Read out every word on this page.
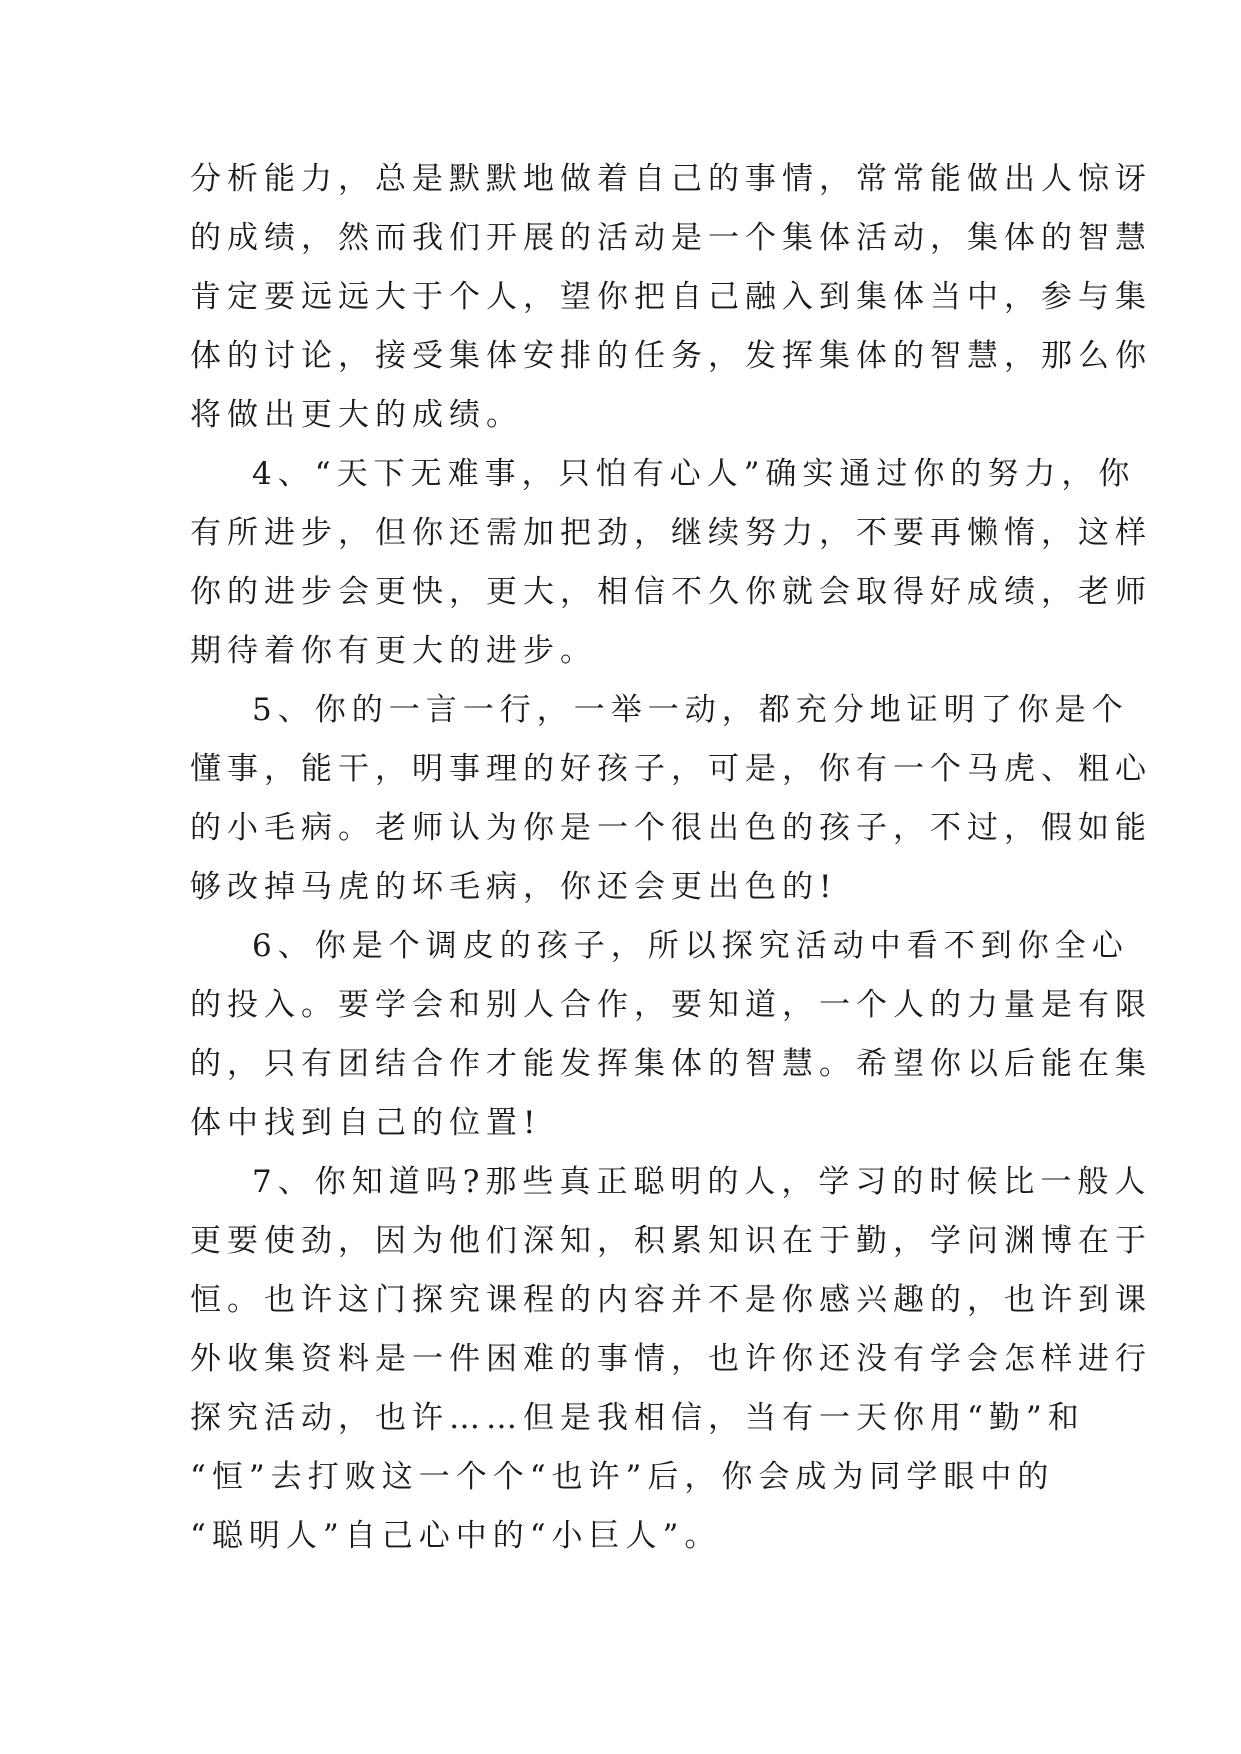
分析能力，总是默默地做着自己的事情，常常能做出人惊讶
的成绩，然而我们开展的活动是一个集体活动，集体的智慧
肯定要远远大于个人，望你把自己融入到集体当中，参与集
体的讨论，接受集体安排的任务，发挥集体的智慧，那么你
将做出更大的成绩。
4、“天下无难事，只怕有心人”确实通过你的努力，你
有所进步，但你还需加把劲，继续努力，不要再懒惰，这样
你的进步会更快，更大，相信不久你就会取得好成绩，老师
期待着你有更大的进步。
5、你的一言一行，一举一动，都充分地证明了你是个
懂事，能干，明事理的好孩子，可是，你有一个马虎、粗心
的小毛病。老师认为你是一个很出色的孩子，不过，假如能
够改掉马虎的坏毛病，你还会更出色的!
6、你是个调皮的孩子，所以探究活动中看不到你全心
的投入。要学会和别人合作，要知道，一个人的力量是有限
的，只有团结合作才能发挥集体的智慧。希望你以后能在集
体中找到自己的位置!
7、你知道吗?那些真正聪明的人，学习的时候比一般人
更要使劲，因为他们深知，积累知识在于勤，学问渊博在于
恒。也许这门探究课程的内容并不是你感兴趣的，也许到课
外收集资料是一件困难的事情，也许你还没有学会怎样进行
探究活动，也许……但是我相信，当有一天你用“勤”和
“恒”去打败这一个个“也许”后，你会成为同学眼中的
“聪明人”自己心中的“小巨人”。
